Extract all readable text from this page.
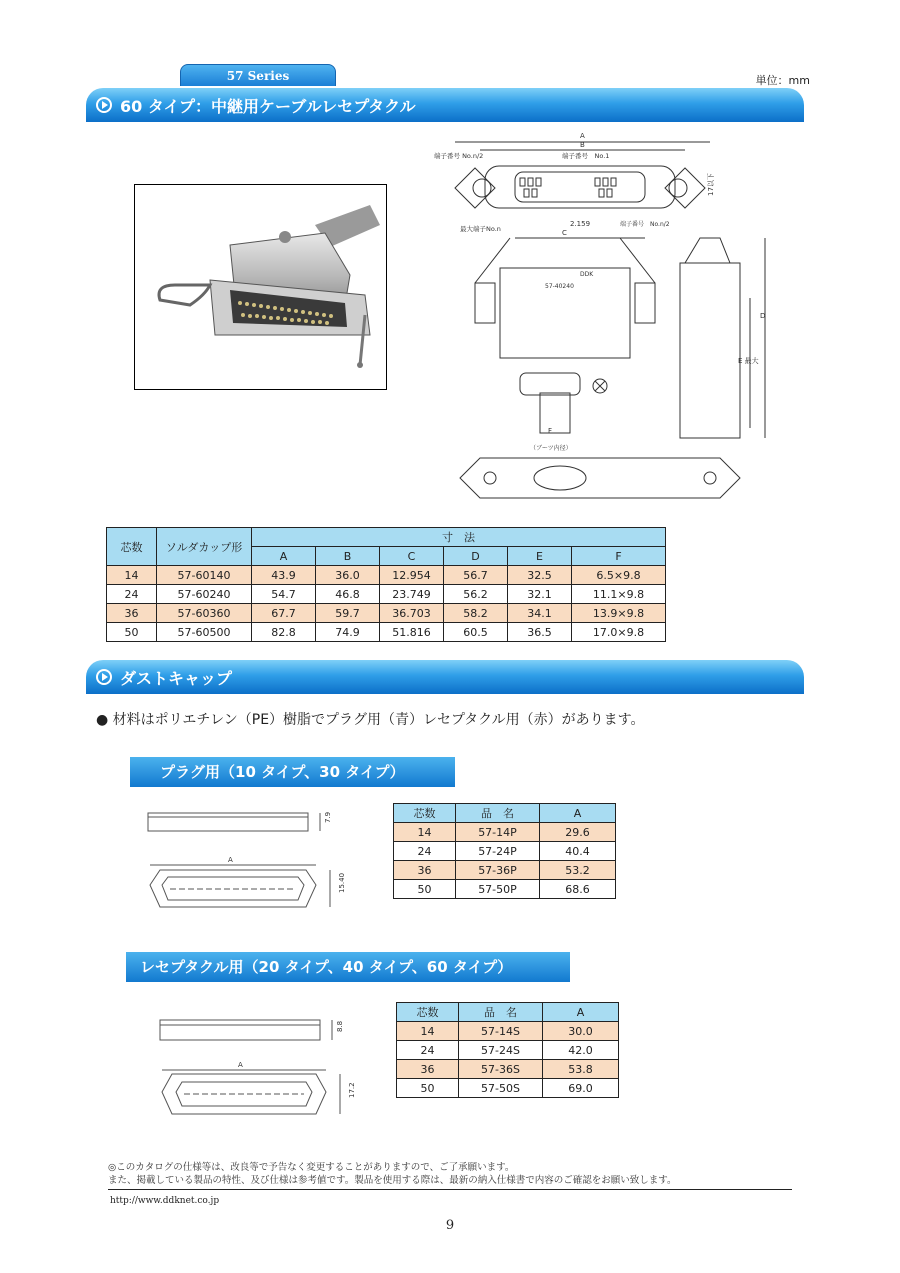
57 Series	単位：mm
60 タイプ：中継用ケーブルレセプタクル
A
B
端子番号 No.n/2	端子番号　No.1
17以下
2.159	端子番号　No.n/2
最大端子No.n	C
DDK
57-40240
F
（ブーツ内径）
D
E 最大
芯数	ソルダカップ形	寸　法					
		A	B	C	D	E	F
14	57-60140	43.9	36.0	12.954	56.7	32.5	6.5×9.8
24	57-60240	54.7	46.8	23.749	56.2	32.1	11.1×9.8
36	57-60360	67.7	59.7	36.703	58.2	34.1	13.9×9.8
50	57-60500	82.8	74.9	51.816	60.5	36.5	17.0×9.8
ダストキャップ
● 材料はポリエチレン（PE）樹脂でプラグ用（青）レセプタクル用（赤）があります。
プラグ用（10 タイプ、30 タイプ）
7.9
A
15.40
芯数	品　名	A
14	57-14P	29.6
24	57-24P	40.4
36	57-36P	53.2
50	57-50P	68.6
レセプタクル用（20 タイプ、40 タイプ、60 タイプ）
8.8
A
17.2
芯数	品　名	A
14	57-14S	30.0
24	57-24S	42.0
36	57-36S	53.8
50	57-50S	69.0
◎このカタログの仕様等は、改良等で予告なく変更することがありますので、ご了承願います。
また、掲載している製品の特性、及び仕様は参考値です。製品を使用する際は、最新の納入仕様書で内容のご確認をお願い致します。
http://www.ddknet.co.jp
9
